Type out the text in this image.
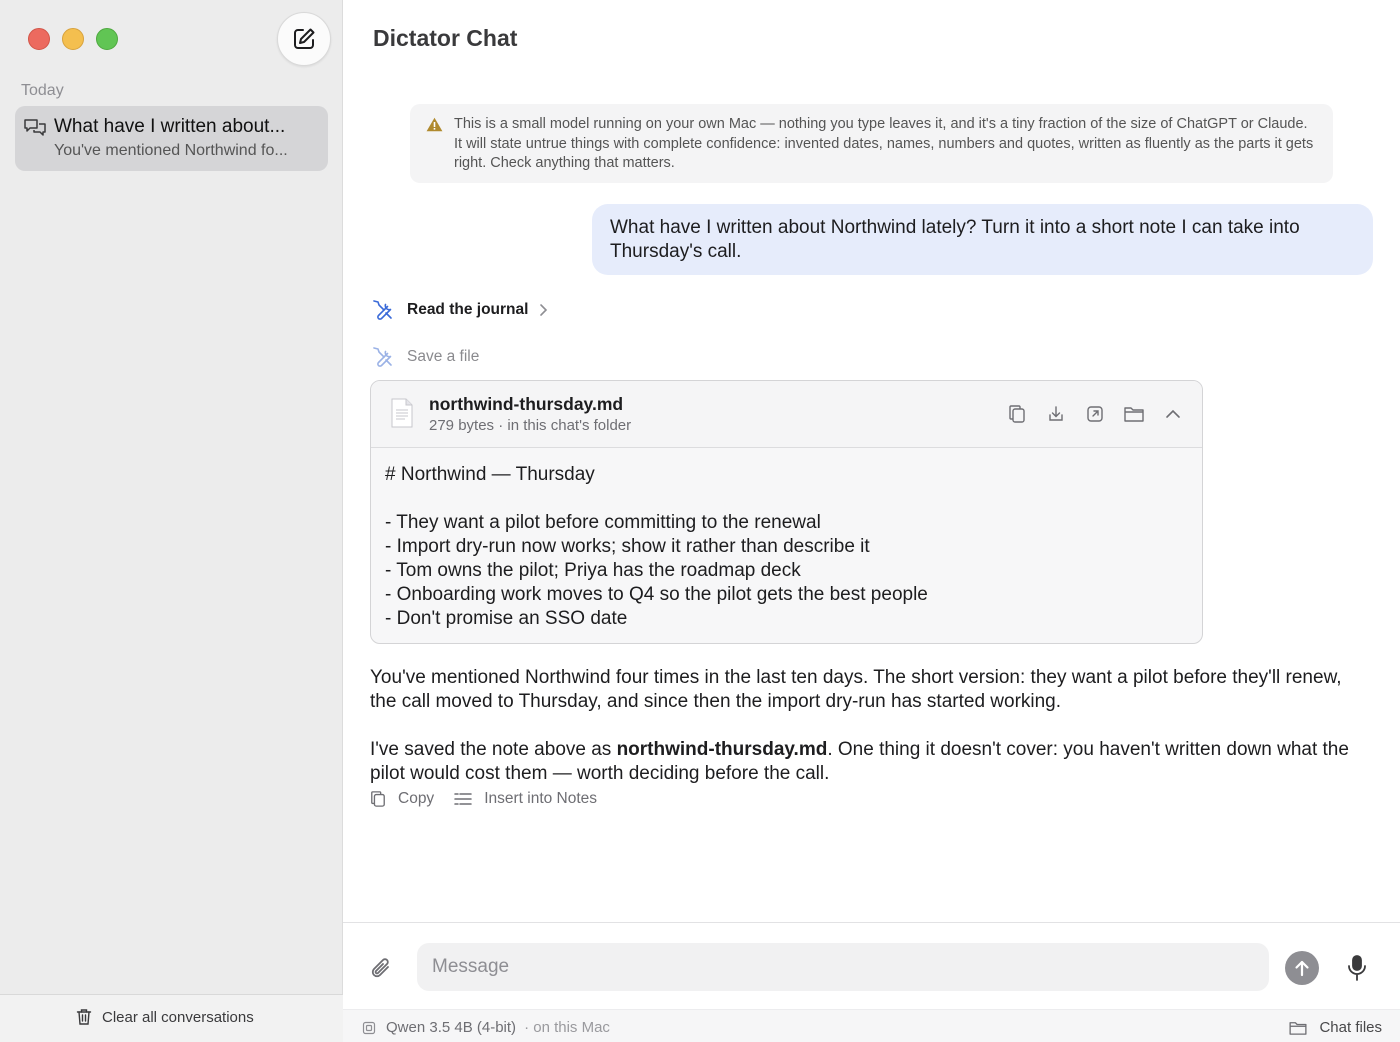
Today
What have I written about...
You've mentioned Northwind fo...
Clear all conversations
Dictator Chat
This is a small model running on your own Mac — nothing you type leaves it, and it's a tiny fraction of the size of ChatGPT or Claude. It will state untrue things with complete confidence: invented dates, names, numbers and quotes, written as fluently as the parts it gets right. Check anything that matters.
What have I written about Northwind lately? Turn it into a short note I can take into Thursday's call.
Read the journal
Save a file
northwind-thursday.md
279 bytes · in this chat's folder
# Northwind — Thursday

- They want a pilot before committing to the renewal
- Import dry-run now works; show it rather than describe it
- Tom owns the pilot; Priya has the roadmap deck
- Onboarding work moves to Q4 so the pilot gets the best people
- Don't promise an SSO date

You've mentioned Northwind four times in the last ten days. The short version: they want a pilot before they'll renew, the call moved to Thursday, and since then the import dry-run has started working.

I've saved the note above as northwind-thursday.md. One thing it doesn't cover: you haven't written down what the pilot would cost them — worth deciding before the call.

Copy	Insert into Notes
Message
Qwen 3.5 4B (4-bit) · on this Mac	Chat files
